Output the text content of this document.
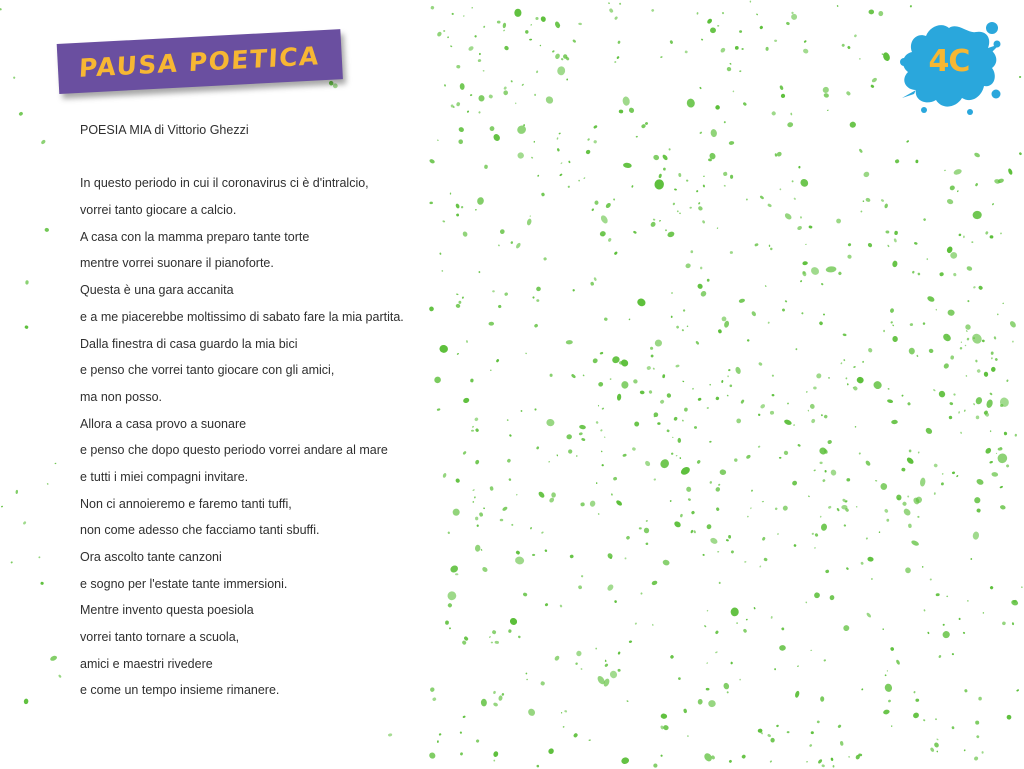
PAUSA POETICA	4C
POESIA MIA di Vittorio Ghezzi
In questo periodo in cui il coronavirus ci è d'intralcio,
vorrei tanto giocare a calcio.
A casa con la mamma preparo tante torte
mentre vorrei suonare il pianoforte.
Questa è una gara accanita
e a me piacerebbe moltissimo di sabato fare la mia partita.
Dalla finestra di casa guardo la mia bici
e penso che vorrei tanto giocare con gli amici,
ma non posso.
Allora a casa provo a suonare
e penso che dopo questo periodo vorrei andare al mare
e tutti i miei compagni invitare.
Non ci annoieremo e faremo tanti tuffi,
non come adesso che facciamo tanti sbuffi.
Ora ascolto tante canzoni
e sogno per l'estate tante immersioni.
Mentre invento questa poesiola
vorrei tanto tornare a scuola,
amici e maestri rivedere
e come un tempo insieme rimanere.
